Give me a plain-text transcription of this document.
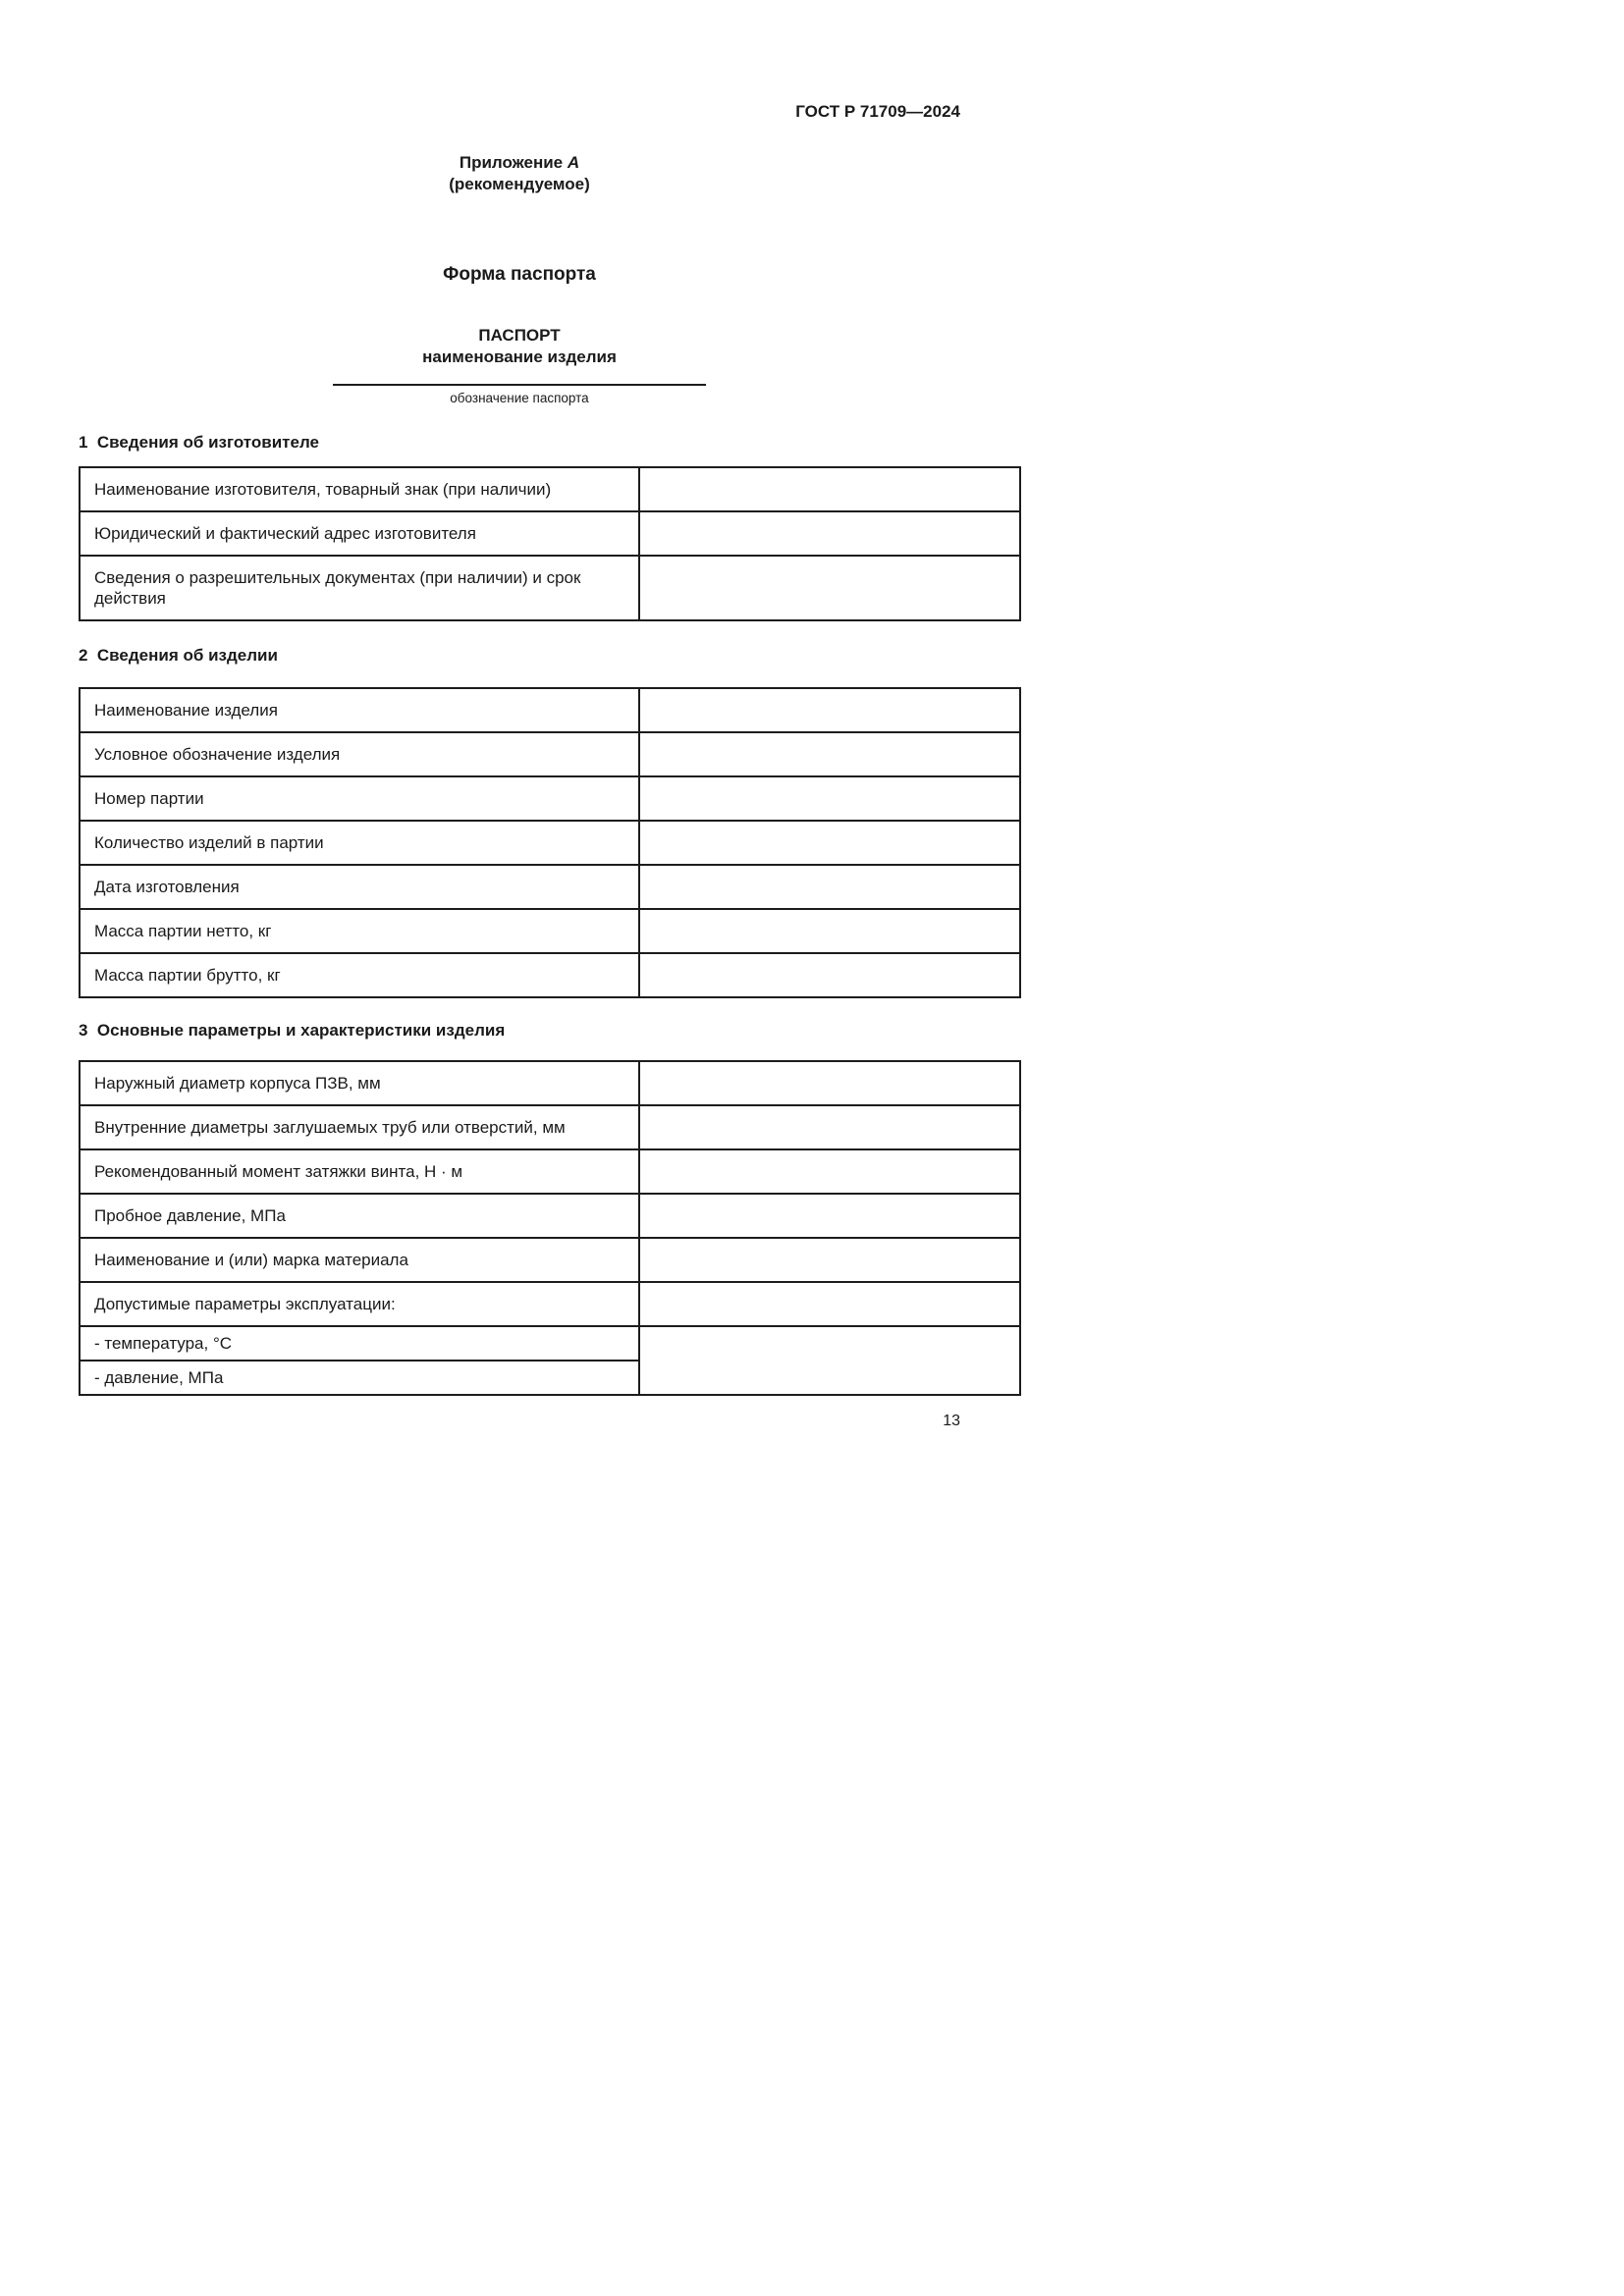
ГОСТ Р 71709—2024
Приложение А
(рекомендуемое)
Форма паспорта
ПАСПОРТ
наименование изделия
обозначение паспорта
1  Сведения об изготовителе
Наименование изготовителя, товарный знак (при наличии)	
Юридический и фактический адрес изготовителя	
Сведения о разрешительных документах (при наличии) и срок действия	
2  Сведения об изделии
Наименование изделия	
Условное обозначение изделия	
Номер партии	
Количество изделий в партии	
Дата изготовления	
Масса партии нетто, кг	
Масса партии брутто, кг	
3  Основные параметры и характеристики изделия
Наружный диаметр корпуса ПЗВ, мм	
Внутренние диаметры заглушаемых труб или отверстий, мм	
Рекомендованный момент затяжки винта, Н · м	
Пробное давление, МПа	
Наименование и (или) марка материала	
Допустимые параметры эксплуатации:	
- температура, °С	
- давление, МПа	
13
